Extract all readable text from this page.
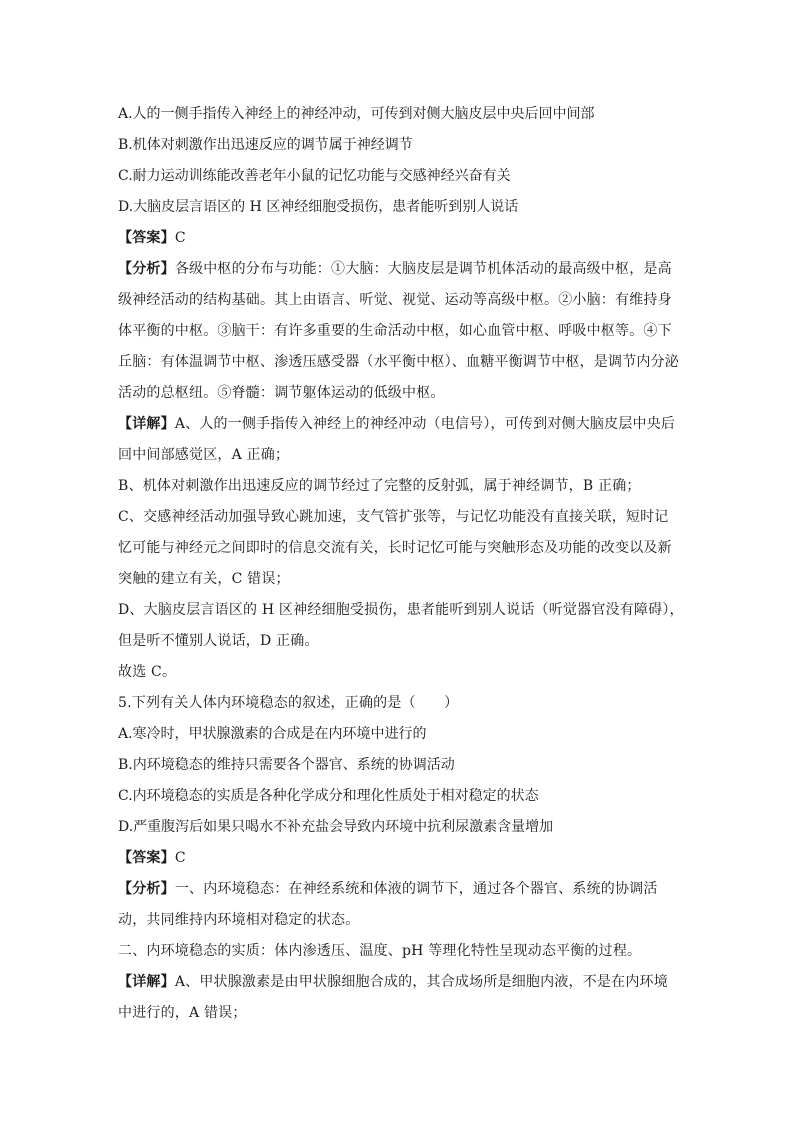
A.人的一侧手指传入神经上的神经冲动，可传到对侧大脑皮层中央后回中间部
B.机体对刺激作出迅速反应的调节属于神经调节
C.耐力运动训练能改善老年小鼠的记忆功能与交感神经兴奋有关
D.大脑皮层言语区的 H 区神经细胞受损伤，患者能听到别人说话
【答案】C
【分析】各级中枢的分布与功能：①大脑：大脑皮层是调节机体活动的最高级中枢，是高
级神经活动的结构基础。其上由语言、听觉、视觉、运动等高级中枢。②小脑：有维持身
体平衡的中枢。③脑干：有许多重要的生命活动中枢，如心血管中枢、呼吸中枢等。④下
丘脑：有体温调节中枢、渗透压感受器（水平衡中枢）、血糖平衡调节中枢，是调节内分泌
活动的总枢纽。⑤脊髓：调节躯体运动的低级中枢。
【详解】A、人的一侧手指传入神经上的神经冲动（电信号），可传到对侧大脑皮层中央后
回中间部感觉区，A 正确；
B、机体对刺激作出迅速反应的调节经过了完整的反射弧，属于神经调节，B 正确；
C、交感神经活动加强导致心跳加速，支气管扩张等，与记忆功能没有直接关联，短时记
忆可能与神经元之间即时的信息交流有关，长时记忆可能与突触形态及功能的改变以及新
突触的建立有关，C 错误；
D、大脑皮层言语区的 H 区神经细胞受损伤，患者能听到别人说话（听觉器官没有障碍），
但是听不懂别人说话，D 正确。
故选 C。
5.下列有关人体内环境稳态的叙述，正确的是（　　）
A.寒冷时，甲状腺激素的合成是在内环境中进行的
B.内环境稳态的维持只需要各个器官、系统的协调活动
C.内环境稳态的实质是各种化学成分和理化性质处于相对稳定的状态
D.严重腹泻后如果只喝水不补充盐会导致内环境中抗利尿激素含量增加
【答案】C
【分析】一、内环境稳态：在神经系统和体液的调节下，通过各个器官、系统的协调活
动，共同维持内环境相对稳定的状态。
二、内环境稳态的实质：体内渗透压、温度、pH 等理化特性呈现动态平衡的过程。
【详解】A、甲状腺激素是由甲状腺细胞合成的，其合成场所是细胞内液，不是在内环境
中进行的，A 错误；
